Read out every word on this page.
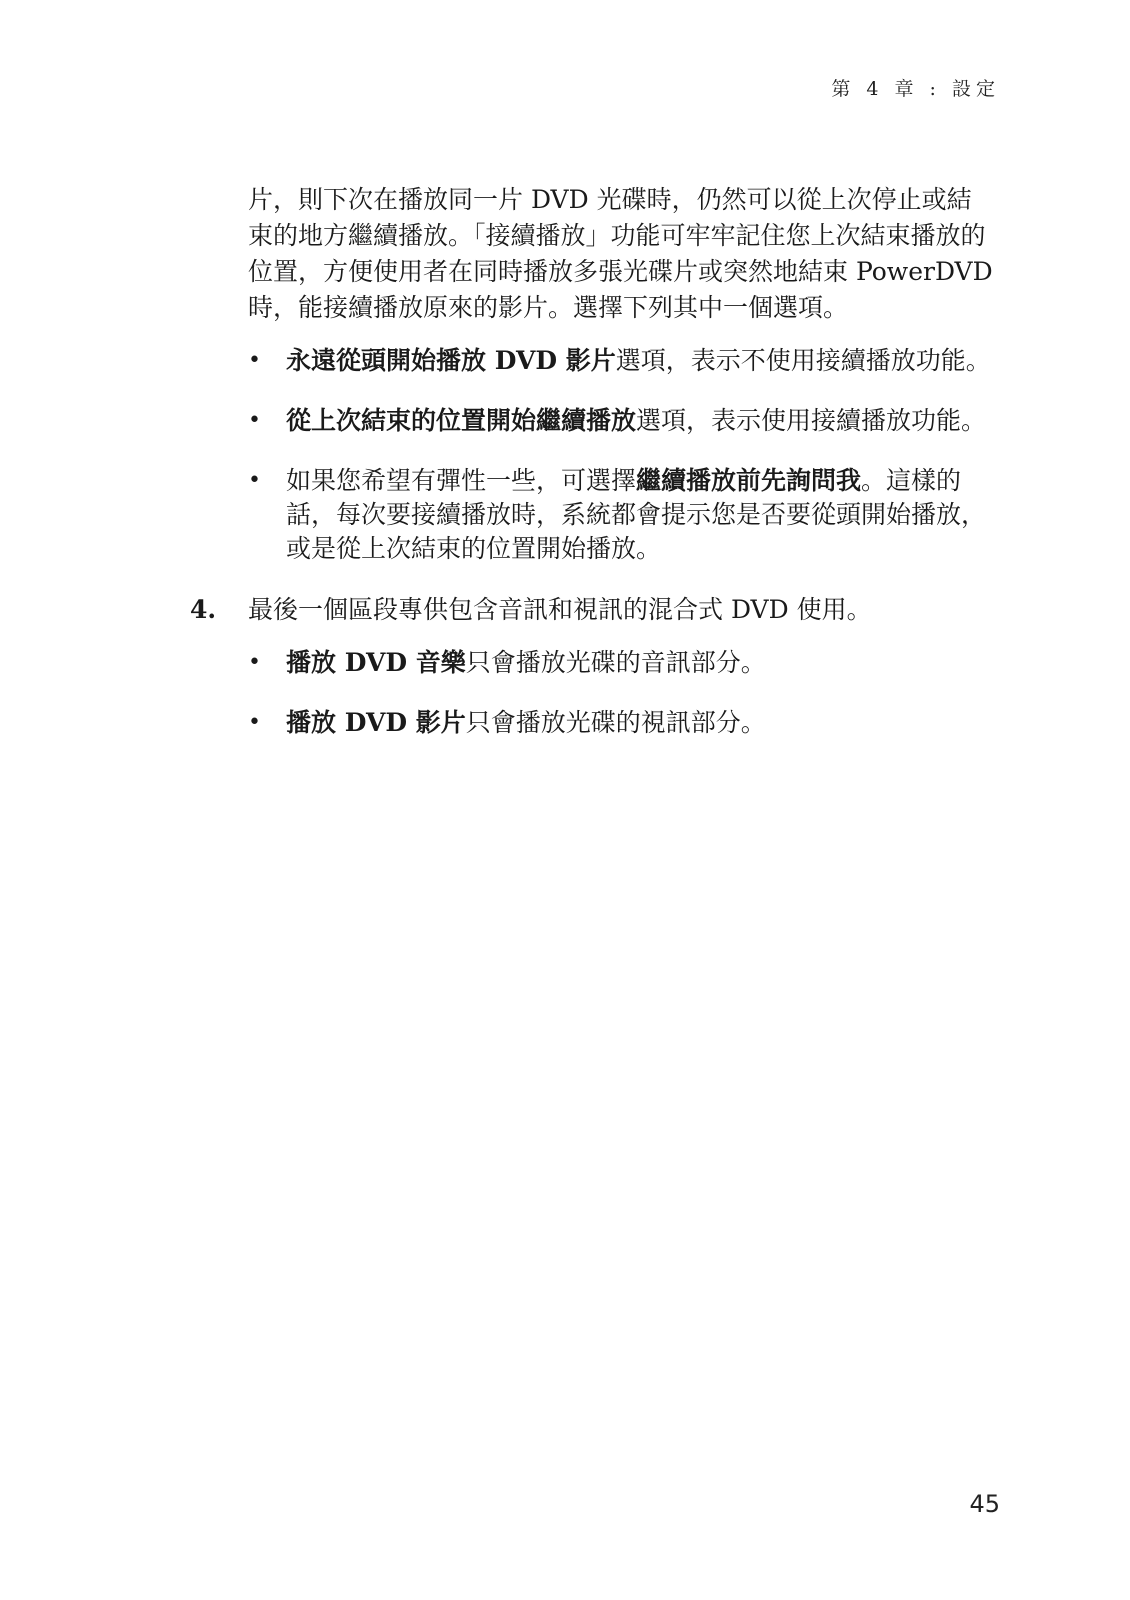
第 4 章 : 設定

片，則下次在播放同一片 DVD 光碟時，仍然可以從上次停止或結束的地方繼續播放。「接續播放」功能可牢牢記住您上次結束播放的位置，方便使用者在同時播放多張光碟片或突然地結束 PowerDVD 時，能接續播放原來的影片。選擇下列其中一個選項。

• 永遠從頭開始播放 DVD 影片選項，表示不使用接續播放功能。
• 從上次結束的位置開始繼續播放選項，表示使用接續播放功能。
• 如果您希望有彈性一些，可選擇繼續播放前先詢問我。這樣的話，每次要接續播放時，系統都會提示您是否要從頭開始播放，或是從上次結束的位置開始播放。
4. 最後一個區段專供包含音訊和視訊的混合式 DVD 使用。

• 播放 DVD 音樂只會播放光碟的音訊部分。
• 播放 DVD 影片只會播放光碟的視訊部分。
45
